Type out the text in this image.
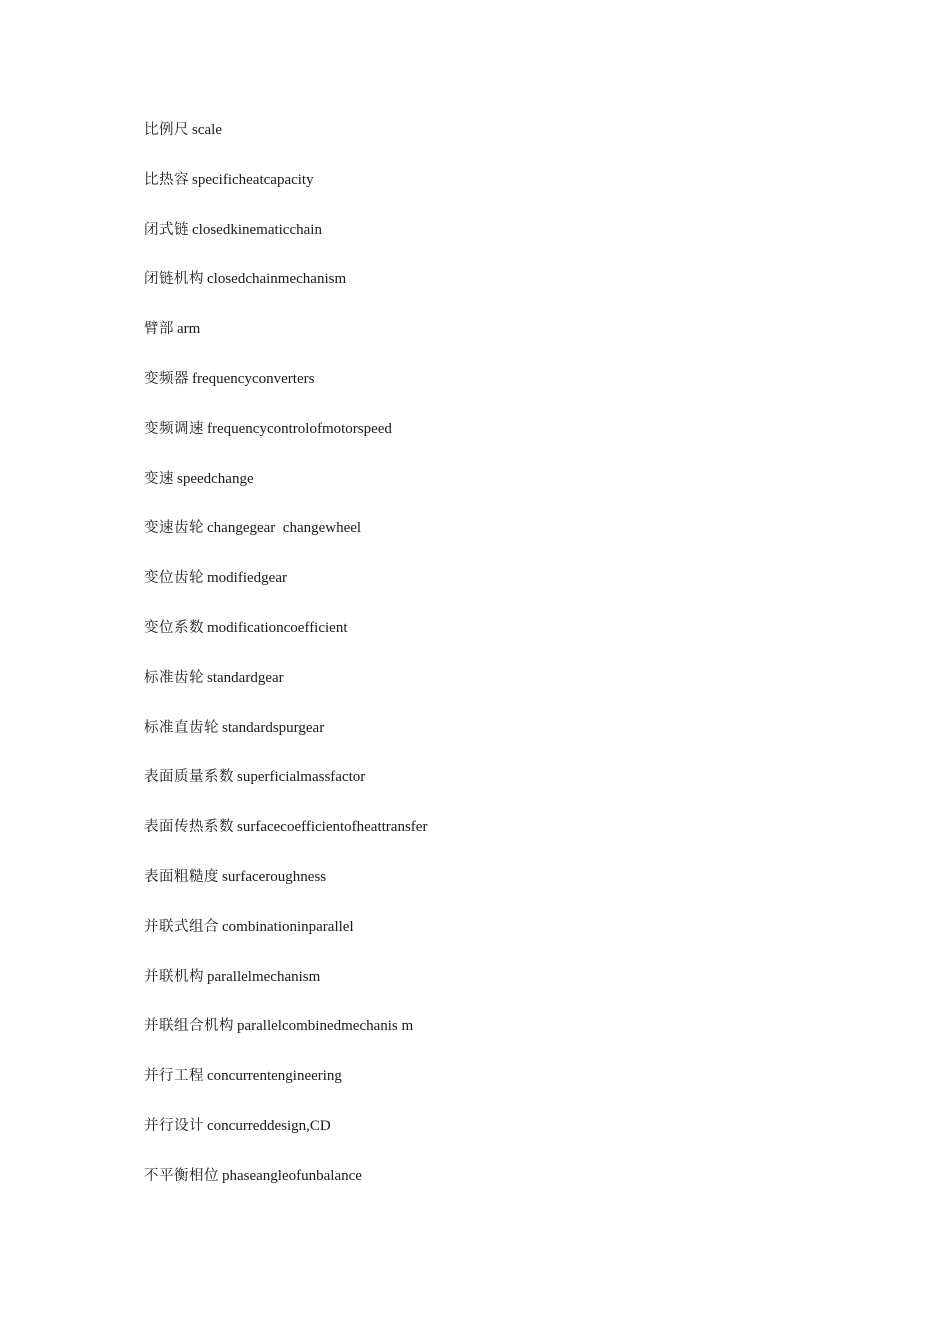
比例尺 scale
比热容 specificheatcapacity
闭式链 closedkinematicchain
闭链机构 closedchainmechanism
臂部 arm
变频器 frequencyconverters
变频调速 frequencycontrolofmotorspeed
变速 speedchange
变速齿轮 changegear  changewheel
变位齿轮 modifiedgear
变位系数 modificationcoefficient
标准齿轮 standardgear
标准直齿轮 standardspurgear
表面质量系数 superficialmassfactor
表面传热系数 surfacecoefficientofheattransfer
表面粗糙度 surfaceroughness
并联式组合 combinationinparallel
并联机构 parallelmechanism
并联组合机构 parallelcombinedmechanis m
并行工程 concurrentengineering
并行设计 concurreddesign,CD
不平衡相位 phaseangleofunbalance
